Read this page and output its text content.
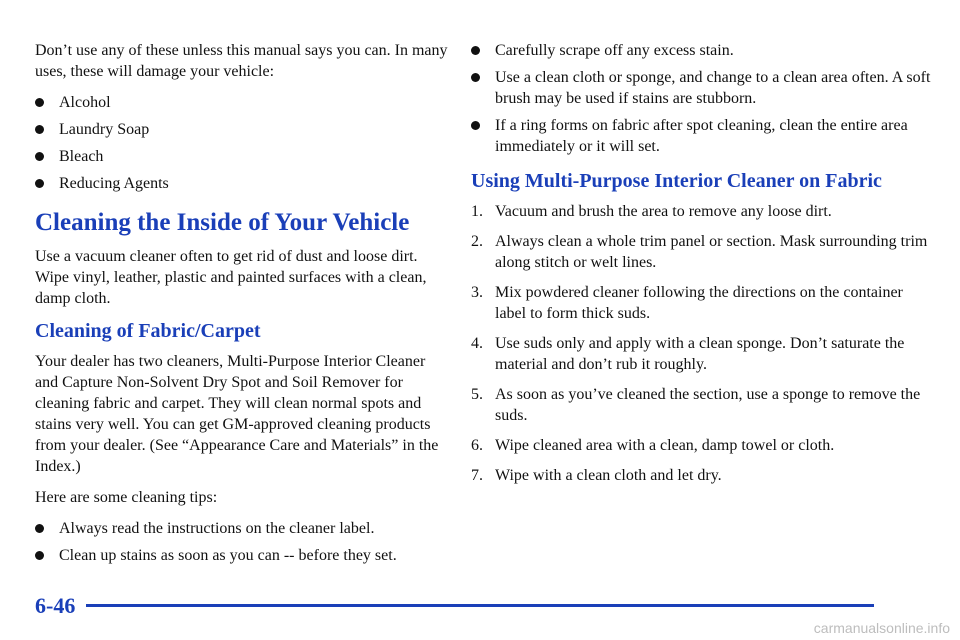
Don’t use any of these unless this manual says you can. In many uses, these will damage your vehicle:

Alcohol
Laundry Soap
Bleach
Reducing Agents
Cleaning the Inside of Your Vehicle

Use a vacuum cleaner often to get rid of dust and loose dirt. Wipe vinyl, leather, plastic and painted surfaces with a clean, damp cloth.

Cleaning of Fabric/Carpet

Your dealer has two cleaners, Multi-Purpose Interior Cleaner and Capture Non-Solvent Dry Spot and Soil Remover for cleaning fabric and carpet. They will clean normal spots and stains very well. You can get GM-approved cleaning products from your dealer. (See “Appearance Care and Materials” in the Index.)

Here are some cleaning tips:

Always read the instructions on the cleaner label.
Clean up stains as soon as you can -- before they set.
Carefully scrape off any excess stain.
Use a clean cloth or sponge, and change to a clean area often. A soft brush may be used if stains are stubborn.
If a ring forms on fabric after spot cleaning, clean the entire area immediately or it will set.
Using Multi-Purpose Interior Cleaner on Fabric
1. Vacuum and brush the area to remove any loose dirt.
2. Always clean a whole trim panel or section. Mask surrounding trim along stitch or welt lines.
3. Mix powdered cleaner following the directions on the container label to form thick suds.
4. Use suds only and apply with a clean sponge. Don’t saturate the material and don’t rub it roughly.
5. As soon as you’ve cleaned the section, use a sponge to remove the suds.
6. Wipe cleaned area with a clean, damp towel or cloth.
7. Wipe with a clean cloth and let dry.
6-46
carmanualsonline.info
